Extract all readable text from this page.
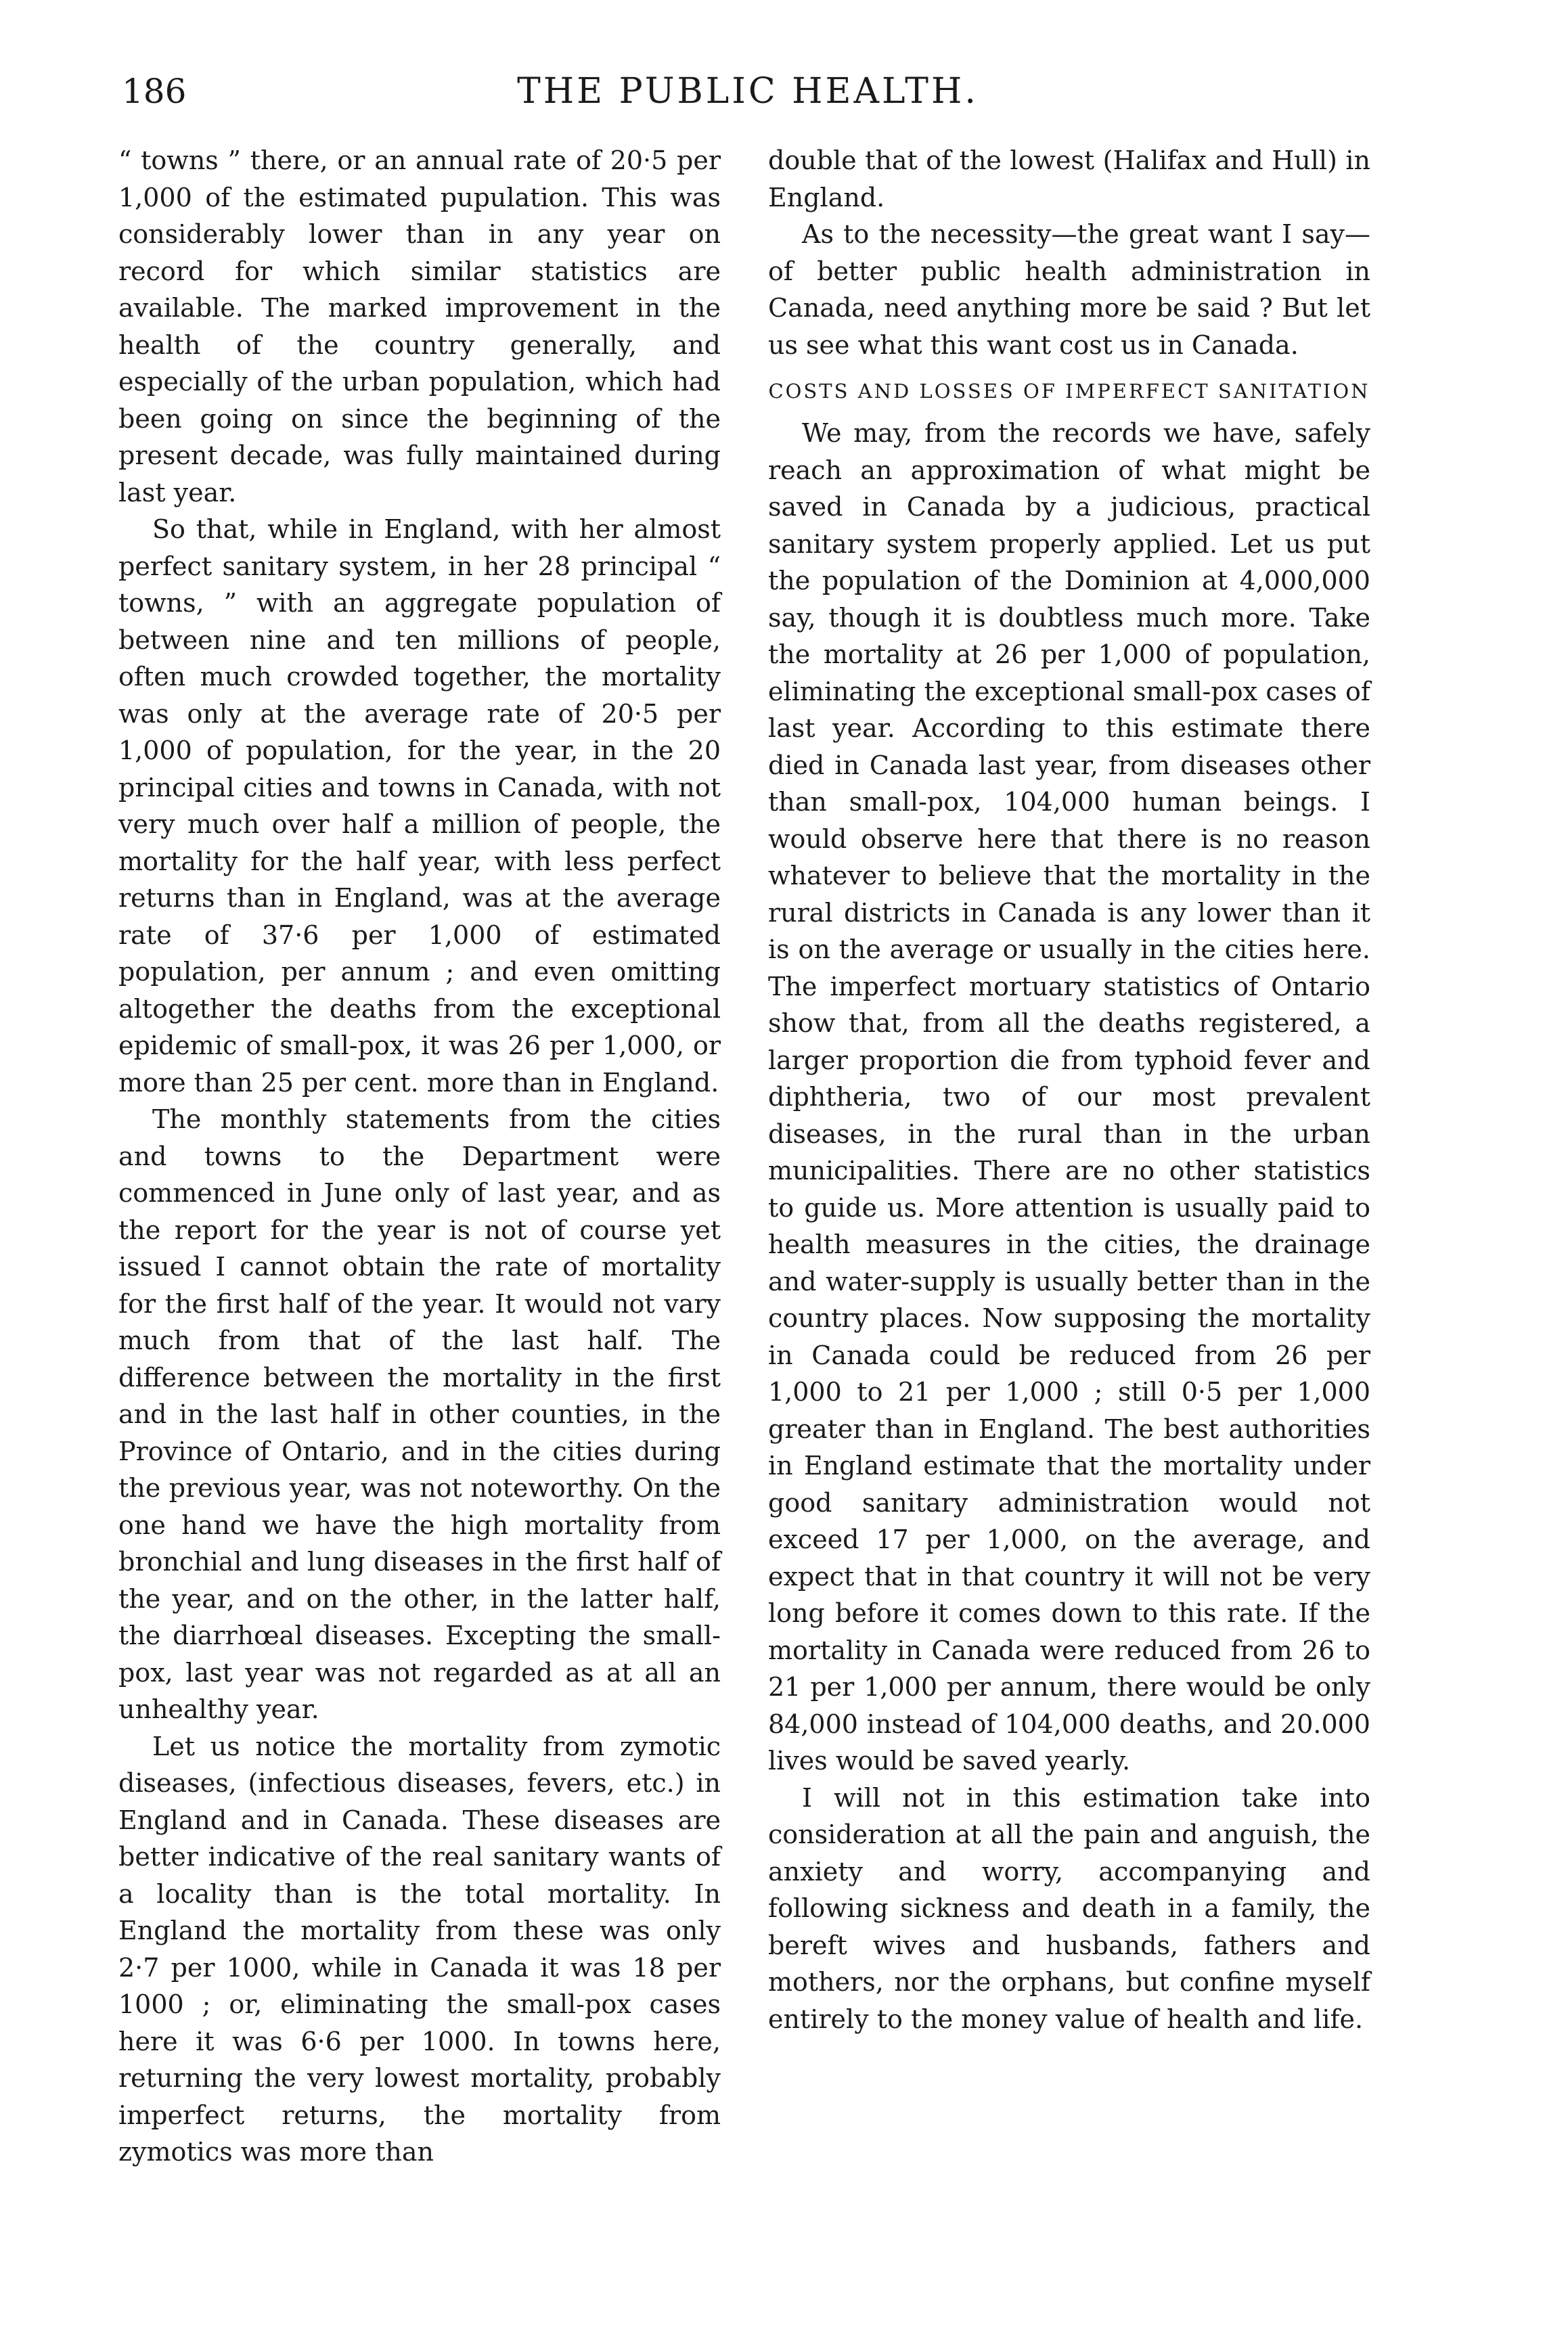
186	THE PUBLIC HEALTH.

“ towns ” there, or an annual rate of 20·5 per 1,000 of the estimated pupulation. This was considerably lower than in any year on record for which similar statistics are available. The marked improvement in the health of the country generally, and especially of the urban population, which had been going on since the beginning of the present decade, was fully maintained during last year.

So that, while in England, with her almost perfect sanitary system, in her 28 principal “ towns, ” with an aggregate population of between nine and ten millions of people, often much crowded together, the mortality was only at the average rate of 20·5 per 1,000 of population, for the year, in the 20 principal cities and towns in Canada, with not very much over half a million of people, the mortality for the half year, with less perfect returns than in England, was at the average rate of 37·6 per 1,000 of estimated population, per annum ; and even omitting altogether the deaths from the exceptional epidemic of small-pox, it was 26 per 1,000, or more than 25 per cent. more than in England.

The monthly statements from the cities and towns to the Department were commenced in June only of last year, and as the report for the year is not of course yet issued I cannot obtain the rate of mortality for the first half of the year. It would not vary much from that of the last half. The difference between the mortality in the first and in the last half in other counties, in the Province of Ontario, and in the cities during the previous year, was not noteworthy. On the one hand we have the high mortality from bronchial and lung diseases in the first half of the year, and on the other, in the latter half, the diarrhœal diseases. Excepting the small-pox, last year was not regarded as at all an unhealthy year.

Let us notice the mortality from zymotic diseases, (infectious diseases, fevers, etc.) in England and in Canada. These diseases are better indicative of the real sanitary wants of a locality than is the total mortality. In England the mortality from these was only 2·7 per 1000, while in Canada it was 18 per 1000 ; or, eliminating the small-pox cases here it was 6·6 per 1000. In towns here, returning the very lowest mortality, probably imperfect returns, the mortality from zymotics was more than

double that of the lowest (Halifax and Hull) in England.

As to the necessity—the great want I say—of better public health administration in Canada, need anything more be said ? But let us see what this want cost us in Canada.

COSTS AND LOSSES OF IMPERFECT SANITATION

We may, from the records we have, safely reach an approximation of what might be saved in Canada by a judicious, practical sanitary system properly applied. Let us put the population of the Dominion at 4,000,000 say, though it is doubtless much more. Take the mortality at 26 per 1,000 of population, eliminating the exceptional small-pox cases of last year. According to this estimate there died in Canada last year, from diseases other than small-pox, 104,000 human beings. I would observe here that there is no reason whatever to believe that the mortality in the rural districts in Canada is any lower than it is on the average or usually in the cities here. The imperfect mortuary statistics of Ontario show that, from all the deaths registered, a larger proportion die from typhoid fever and diphtheria, two of our most prevalent diseases, in the rural than in the urban municipalities. There are no other statistics to guide us. More attention is usually paid to health measures in the cities, the drainage and water-supply is usually better than in the country places. Now supposing the mortality in Canada could be reduced from 26 per 1,000 to 21 per 1,000 ; still 0·5 per 1,000 greater than in England. The best authorities in England estimate that the mortality under good sanitary administration would not exceed 17 per 1,000, on the average, and expect that in that country it will not be very long before it comes down to this rate. If the mortality in Canada were reduced from 26 to 21 per 1,000 per annum, there would be only 84,000 instead of 104,000 deaths, and 20.000 lives would be saved yearly.

I will not in this estimation take into consideration at all the pain and anguish, the anxiety and worry, accompanying and following sickness and death in a family, the bereft wives and husbands, fathers and mothers, nor the orphans, but confine myself entirely to the money value of health and life.
